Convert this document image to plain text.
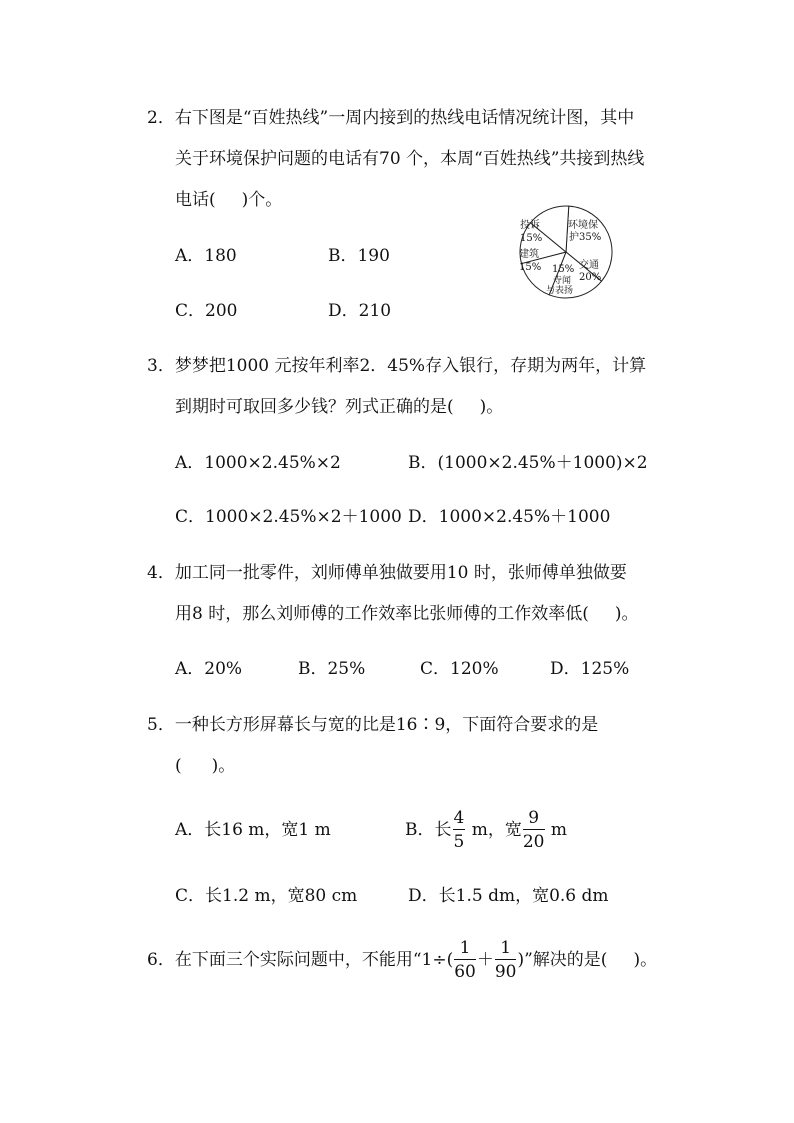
2．右下图是“百姓热线”一周内接到的热线电话情况统计图，其中
关于环境保护问题的电话有70 个，本周“百姓热线”共接到热线
电话( )个。
A．180	B．190
C．200	D．210
环境保
护35%
交通
20%
15%
寺闻
与表扬
建筑
15%
投诉
15%
3．梦梦把1000 元按年利率2．45%存入银行，存期为两年，计算
到期时可取回多少钱？列式正确的是( )。
A．1000×2.45%×2	B．(1000×2.45%＋1000)×2
C．1000×2.45%×2＋1000 D．1000×2.45%＋1000
4．加工同一批零件，刘师傅单独做要用10 时，张师傅单独做要
用8 时，那么刘师傅的工作效率比张师傅的工作效率低( )。
A．20%	B．25%	C．120%	D．125%
5．一种长方形屏幕长与宽的比是16∶9，下面符合要求的是
( )。
A．长16 m，宽1 m	B．长 $\frac{4}{5}$ m，宽 $\frac{9}{20}$ m
C．长1.2 m，宽80 cm	D．长1.5 dm，宽0.6 dm
6．在下面三个实际问题中，不能用“$1\div( \frac{1}{60} + \frac{1}{90}$ )”解决的是( )。
